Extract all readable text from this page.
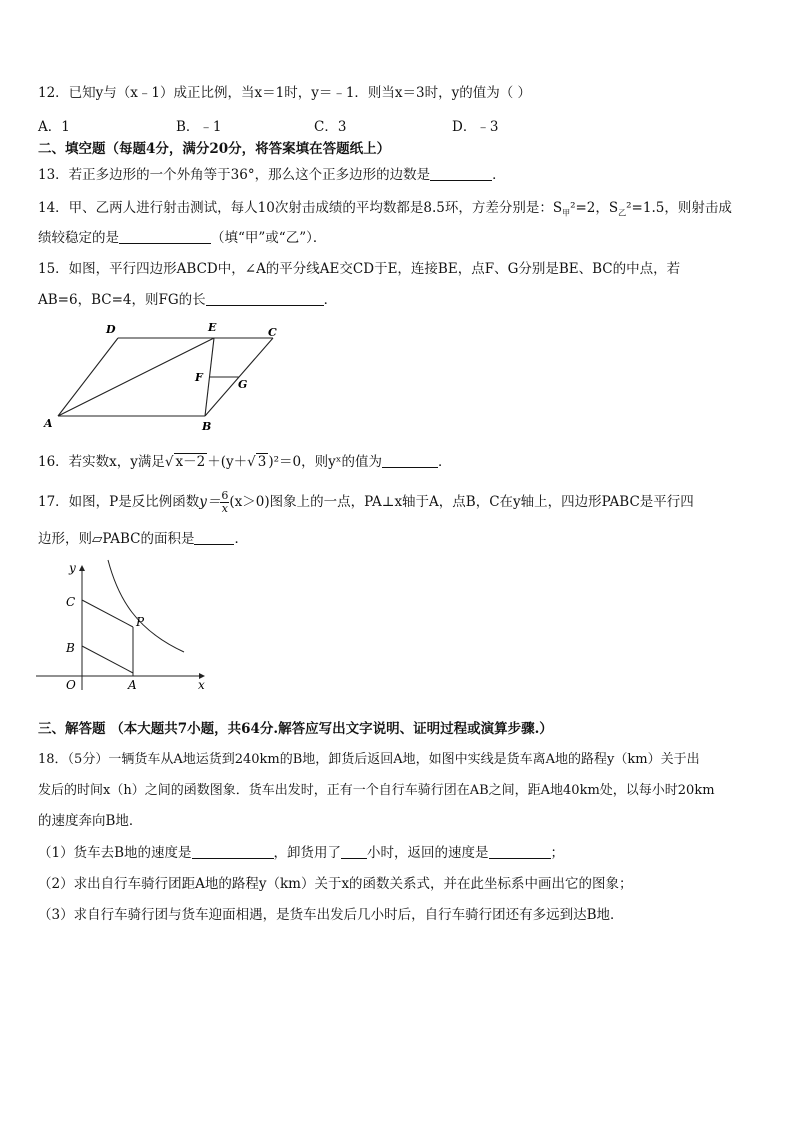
12．已知y与（x﹣1）成正比例，当x＝1时，y＝﹣1．则当x＝3时，y的值为（ ）
A．1	B．﹣1	C．3	D．﹣3
二、填空题（每题4分，满分20分，将答案填在答题纸上）
13．若正多边形的一个外角等于36°，那么这个正多边形的边数是	．
14．甲、乙两人进行射击测试，每人10次射击成绩的平均数都是8.5环，方差分别是：$S_甲^2=2$，$S_乙^2=1.5$，则射击成
绩较稳定的是	（填“甲”或“乙”）．
15．如图，平行四边形ABCD中，∠A的平分线AE交CD于E，连接BE，点F、G分别是BE、BC的中点，若
AB=6，BC=4，则FG的长	．
D	E	C
F
G
A	B
16．若实数x，y满足√ x－2 ＋(y＋√ 3 )²＝0，则yˣ的值为	．
17．如图，P是反比例函数$y= \frac{6}{x} (x>0)$图象上的一点，PA⊥x轴于A，点B，C在y轴上，四边形PABC是平行四
边形，则▱PABC的面积是	．
y
C
P
B
O	A	x
三、解答题 （本大题共7小题，共64分.解答应写出文字说明、证明过程或演算步骤.）
18．（5分）一辆货车从A地运货到240km的B地，卸货后返回A地，如图中实线是货车离A地的路程y（km）关于出
发后的时间x（h）之间的函数图象．货车出发时，正有一个自行车骑行团在AB之间，距A地40km处，以每小时20km
的速度奔向B地．
（1）货车去B地的速度是	，卸货用了 小时，返回的速度是	；
（2）求出自行车骑行团距A地的路程y（km）关于x的函数关系式，并在此坐标系中画出它的图象；
（3）求自行车骑行团与货车迎面相遇，是货车出发后几小时后，自行车骑行团还有多远到达B地．
